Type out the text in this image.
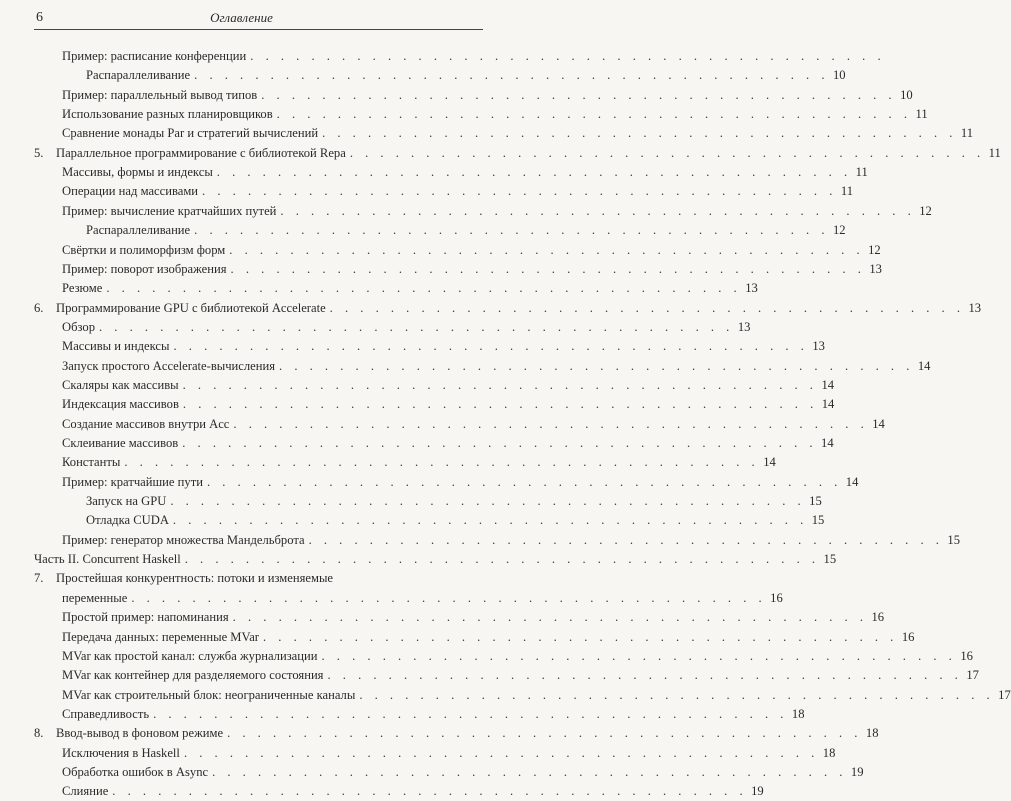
6	Оглавление
Пример: расписание конференции . . . . . . . . . . . . . . . . . . . . . . . . . . . . . . . . . . . . . . . . . .
Распараллеливание . . . . . . . . . . . . . . . . . . . . . . . . . . . . . . . . . . . . . . . . . . 10
Пример: параллельный вывод типов . . . . . . . . . . . . . . . . . . . . . . . . . . . . . . . . . . . . . . . . . . 10
Использование разных планировщиков . . . . . . . . . . . . . . . . . . . . . . . . . . . . . . . . . . . . . . . . . . 11
Сравнение монады Par и стратегий вычислений . . . . . . . . . . . . . . . . . . . . . . . . . . . . . . . . . . . . . . . . . . 11
5. Параллельное программирование с библиотекой Repa . . . . . . . . . . . . . . . . . . . . . . . . . . . . . . . . . . . . . . . . . . 11
Массивы, формы и индексы . . . . . . . . . . . . . . . . . . . . . . . . . . . . . . . . . . . . . . . . . . 11
Операции над массивами . . . . . . . . . . . . . . . . . . . . . . . . . . . . . . . . . . . . . . . . . . 11
Пример: вычисление кратчайших путей . . . . . . . . . . . . . . . . . . . . . . . . . . . . . . . . . . . . . . . . . . 12
Распараллеливание . . . . . . . . . . . . . . . . . . . . . . . . . . . . . . . . . . . . . . . . . . 12
Свёртки и полиморфизм форм . . . . . . . . . . . . . . . . . . . . . . . . . . . . . . . . . . . . . . . . . . 12
Пример: поворот изображения . . . . . . . . . . . . . . . . . . . . . . . . . . . . . . . . . . . . . . . . . . 13
Резюме . . . . . . . . . . . . . . . . . . . . . . . . . . . . . . . . . . . . . . . . . . 13
6. Программирование GPU с библиотекой Accelerate . . . . . . . . . . . . . . . . . . . . . . . . . . . . . . . . . . . . . . . . . . 13
Обзор . . . . . . . . . . . . . . . . . . . . . . . . . . . . . . . . . . . . . . . . . . 13
Массивы и индексы . . . . . . . . . . . . . . . . . . . . . . . . . . . . . . . . . . . . . . . . . . 13
Запуск простого Accelerate-вычисления . . . . . . . . . . . . . . . . . . . . . . . . . . . . . . . . . . . . . . . . . . 14
Скаляры как массивы . . . . . . . . . . . . . . . . . . . . . . . . . . . . . . . . . . . . . . . . . . 14
Индексация массивов . . . . . . . . . . . . . . . . . . . . . . . . . . . . . . . . . . . . . . . . . . 14
Создание массивов внутри Acc . . . . . . . . . . . . . . . . . . . . . . . . . . . . . . . . . . . . . . . . . . 14
Склеивание массивов . . . . . . . . . . . . . . . . . . . . . . . . . . . . . . . . . . . . . . . . . . 14
Константы . . . . . . . . . . . . . . . . . . . . . . . . . . . . . . . . . . . . . . . . . . 14
Пример: кратчайшие пути . . . . . . . . . . . . . . . . . . . . . . . . . . . . . . . . . . . . . . . . . . 14
Запуск на GPU . . . . . . . . . . . . . . . . . . . . . . . . . . . . . . . . . . . . . . . . . . 15
Отладка CUDA . . . . . . . . . . . . . . . . . . . . . . . . . . . . . . . . . . . . . . . . . . 15
Пример: генератор множества Мандельброта . . . . . . . . . . . . . . . . . . . . . . . . . . . . . . . . . . . . . . . . . . 15
Часть II. Concurrent Haskell . . . . . . . . . . . . . . . . . . . . . . . . . . . . . . . . . . . . . . . . . . 15
7. Простейшая конкурентность: потоки и изменяемые
переменные . . . . . . . . . . . . . . . . . . . . . . . . . . . . . . . . . . . . . . . . . . 16
Простой пример: напоминания . . . . . . . . . . . . . . . . . . . . . . . . . . . . . . . . . . . . . . . . . . 16
Передача данных: переменные MVar . . . . . . . . . . . . . . . . . . . . . . . . . . . . . . . . . . . . . . . . . . 16
MVar как простой канал: служба журнализации . . . . . . . . . . . . . . . . . . . . . . . . . . . . . . . . . . . . . . . . . . 16
MVar как контейнер для разделяемого состояния . . . . . . . . . . . . . . . . . . . . . . . . . . . . . . . . . . . . . . . . . . 17
MVar как строительный блок: неограниченные каналы . . . . . . . . . . . . . . . . . . . . . . . . . . . . . . . . . . . . . . . . . . 17
Справедливость . . . . . . . . . . . . . . . . . . . . . . . . . . . . . . . . . . . . . . . . . . 18
8. Ввод-вывод в фоновом режиме . . . . . . . . . . . . . . . . . . . . . . . . . . . . . . . . . . . . . . . . . . 18
Исключения в Haskell . . . . . . . . . . . . . . . . . . . . . . . . . . . . . . . . . . . . . . . . . . 18
Обработка ошибок в Async . . . . . . . . . . . . . . . . . . . . . . . . . . . . . . . . . . . . . . . . . . 19
Слияние . . . . . . . . . . . . . . . . . . . . . . . . . . . . . . . . . . . . . . . . . . 19
